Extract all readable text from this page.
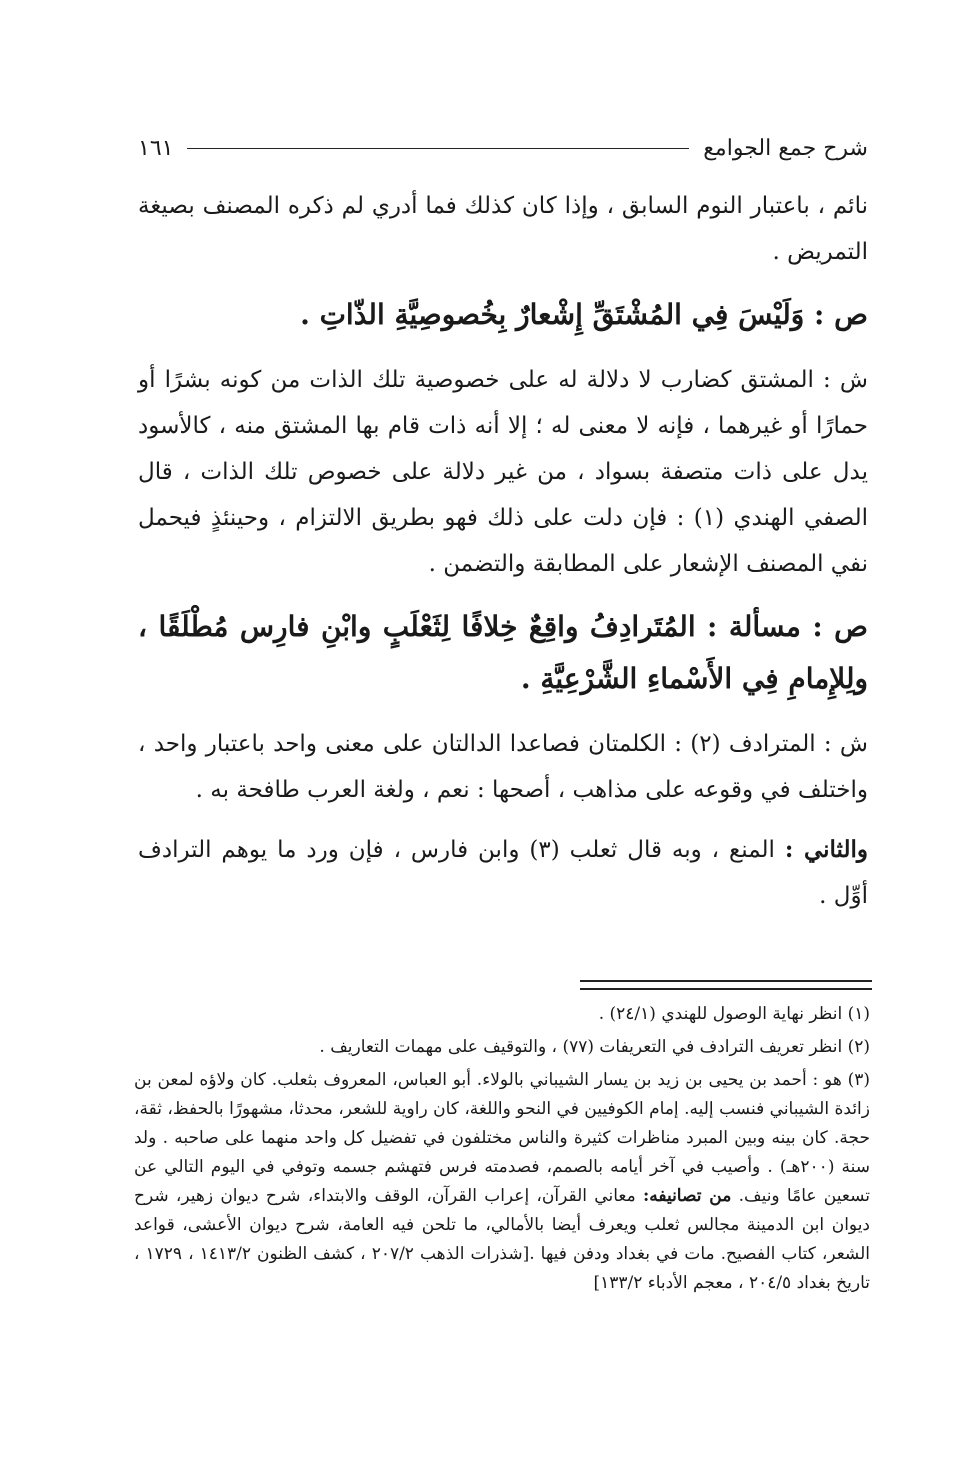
شرح جمع الجوامع
١٦١

نائم ، باعتبار النوم السابق ، وإذا كان كذلك فما أدري لم ذكره المصنف بصيغة التمريض .

ص : وَلَيْسَ فِي المُشْتَقِّ إِشْعارٌ بِخُصوصِيَّةِ الذّاتِ .

ش : المشتق كضارب لا دلالة له على خصوصية تلك الذات من كونه بشرًا أو حمارًا أو غيرهما ، فإنه لا معنى له ؛ إلا أنه ذات قام بها المشتق منه ، كالأسود يدل على ذات متصفة بسواد ، من غير دلالة على خصوص تلك الذات ، قال الصفي الهندي (١) : فإن دلت على ذلك فهو بطريق الالتزام ، وحينئذٍ فيحمل نفي المصنف الإشعار على المطابقة والتضمن .

ص : مسألة : المُتَرادِفُ واقِعٌ خِلافًا لِثَعْلَبٍ وابْنِ فارِس مُطْلَقًا ، ولِلإِمامِ فِي الأَسْماءِ الشَّرْعِيَّةِ .

ش : المترادف (٢) : الكلمتان فصاعدا الدالتان على معنى واحد باعتبار واحد ، واختلف في وقوعه على مذاهب ، أصحها : نعم ، ولغة العرب طافحة به .

والثاني : المنع ، وبه قال ثعلب (٣) وابن فارس ، فإن ورد ما يوهم الترادف أوِّل .

(١) انظر نهاية الوصول للهندي (٢٤/١) .

(٢) انظر تعريف الترادف في التعريفات (٧٧) ، والتوقيف على مهمات التعاريف .

(٣) هو : أحمد بن يحيى بن زيد بن يسار الشيباني بالولاء. أبو العباس، المعروف بثعلب. كان ولاؤه لمعن بن زائدة الشيباني فنسب إليه. إمام الكوفيين في النحو واللغة، كان راوية للشعر، محدثا، مشهورًا بالحفظ، ثقة، حجة. كان بينه وبين المبرد مناظرات كثيرة والناس مختلفون في تفضيل كل واحد منهما على صاحبه . ولد سنة (٢٠٠هـ) . وأصيب في آخر أيامه بالصمم، فصدمته فرس فتهشم جسمه وتوفي في اليوم التالي عن تسعين عامًا ونيف. من تصانيفه: معاني القرآن، إعراب القرآن، الوقف والابتداء، شرح ديوان زهير، شرح ديوان ابن الدمينة مجالس ثعلب ويعرف أيضا بالأمالي، ما تلحن فيه العامة، شرح ديوان الأعشى، قواعد الشعر، كتاب الفصيح. مات في بغداد ودفن فيها .[شذرات الذهب ٢٠٧/٢ ، كشف الظنون ١٤١٣/٢ ، ١٧٢٩ ، تاريخ بغداد ٢٠٤/٥ ، معجم الأدباء ١٣٣/٢]
